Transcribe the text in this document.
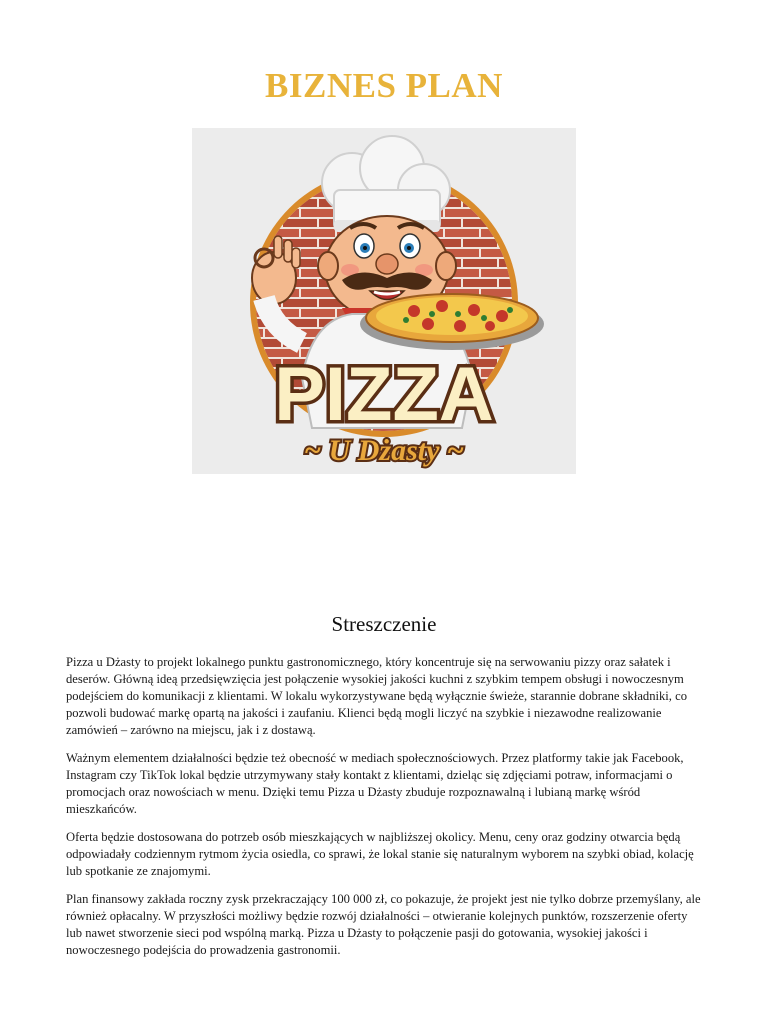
BIZNES PLAN
PIZZA
~ U Dżasty ~
Streszczenie

Pizza u Dżasty to projekt lokalnego punktu gastronomicznego, który koncentruje się na serwowaniu pizzy oraz sałatek i deserów. Główną ideą przedsięwzięcia jest połączenie wysokiej jakości kuchni z szybkim tempem obsługi i nowoczesnym podejściem do komunikacji z klientami. W lokalu wykorzystywane będą wyłącznie świeże, starannie dobrane składniki, co pozwoli budować markę opartą na jakości i zaufaniu. Klienci będą mogli liczyć na szybkie i niezawodne realizowanie zamówień – zarówno na miejscu, jak i z dostawą.

Ważnym elementem działalności będzie też obecność w mediach społecznościowych. Przez platformy takie jak Facebook, Instagram czy TikTok lokal będzie utrzymywany stały kontakt z klientami, dzieląc się zdjęciami potraw, informacjami o promocjach oraz nowościach w menu. Dzięki temu Pizza u Dżasty zbuduje rozpoznawalną i lubianą markę wśród mieszkańców.

Oferta będzie dostosowana do potrzeb osób mieszkających w najbliższej okolicy. Menu, ceny oraz godziny otwarcia będą odpowiadały codziennym rytmom życia osiedla, co sprawi, że lokal stanie się naturalnym wyborem na szybki obiad, kolację lub spotkanie ze znajomymi.

Plan finansowy zakłada roczny zysk przekraczający 100 000 zł, co pokazuje, że projekt jest nie tylko dobrze przemyślany, ale również opłacalny. W przyszłości możliwy będzie rozwój działalności – otwieranie kolejnych punktów, rozszerzenie oferty lub nawet stworzenie sieci pod wspólną marką. Pizza u Dżasty to połączenie pasji do gotowania, wysokiej jakości i nowoczesnego podejścia do prowadzenia gastronomii.
